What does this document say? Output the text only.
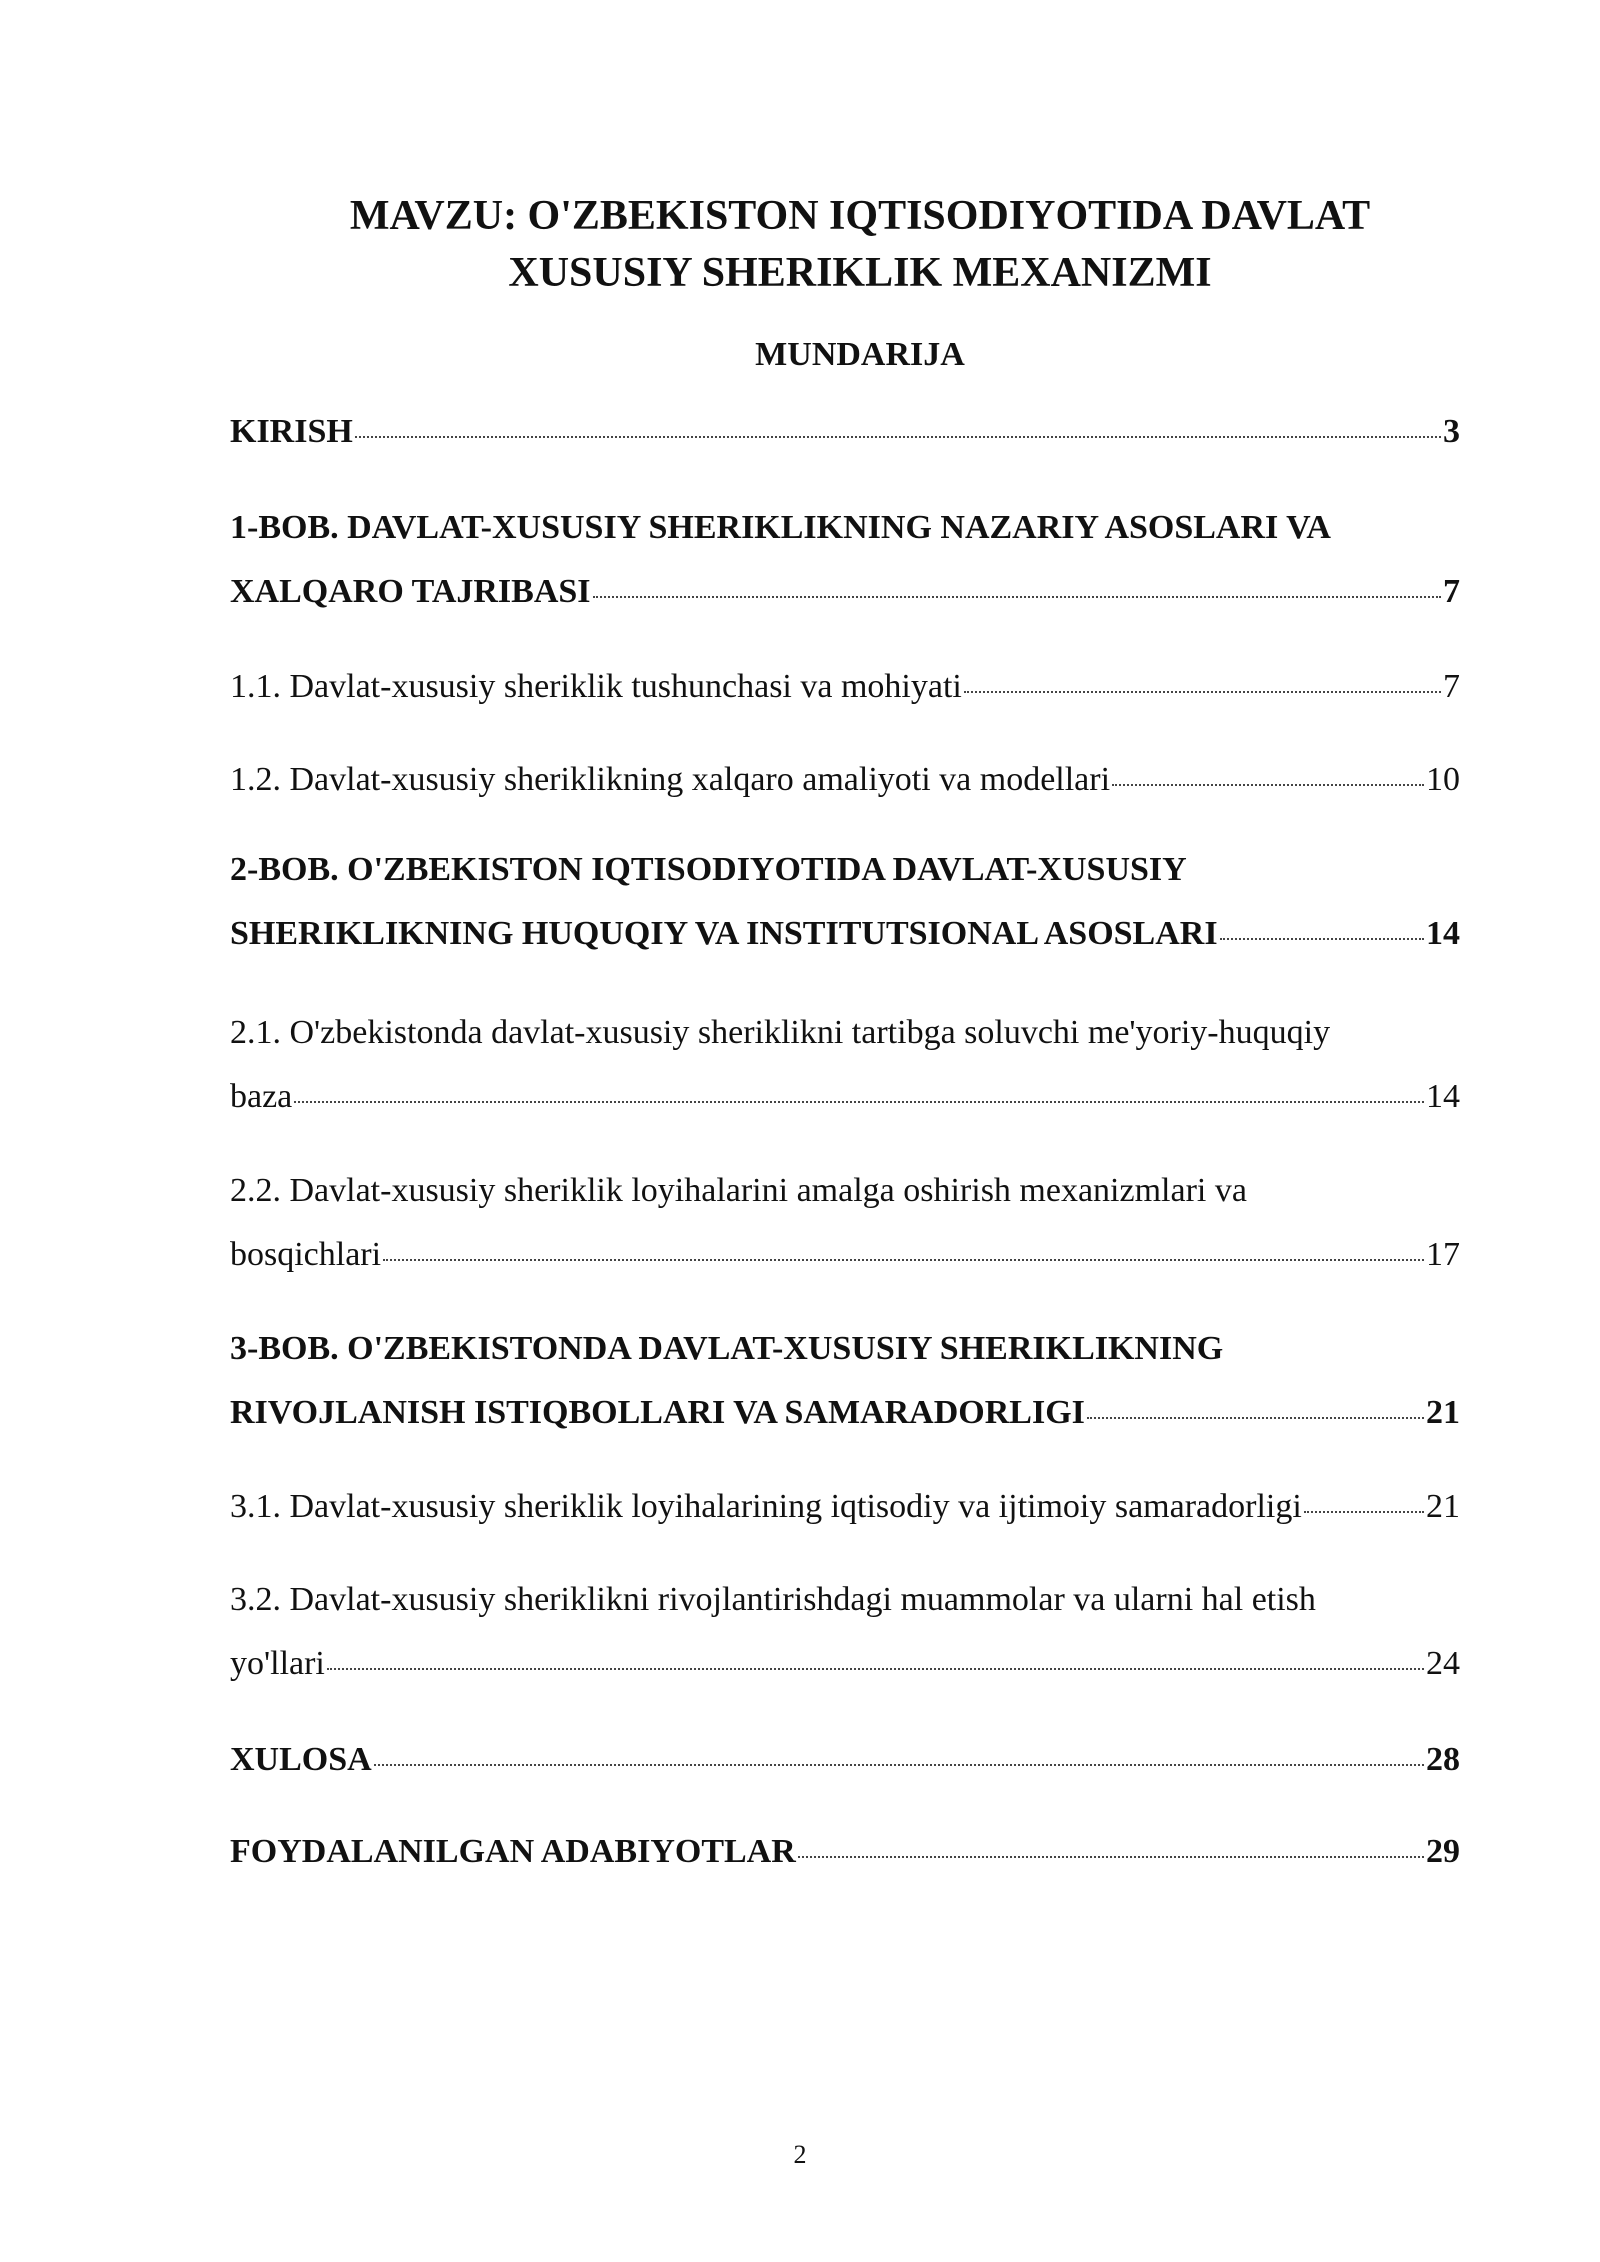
MAVZU: O'ZBEKISTON IQTISODIYOTIDA DAVLAT
XUSUSIY SHERIKLIK MEXANIZMI
MUNDARIJA
KIRISH	3
1-BOB. DAVLAT-XUSUSIY SHERIKLIKNING NAZARIY ASOSLARI VA
XALQARO TAJRIBASI	7
1.1. Davlat-xususiy sheriklik tushunchasi va mohiyati	7
1.2. Davlat-xususiy sheriklikning xalqaro amaliyoti va modellari	10
2-BOB. O'ZBEKISTON IQTISODIYOTIDA DAVLAT-XUSUSIY
SHERIKLIKNING HUQUQIY VA INSTITUTSIONAL ASOSLARI	14
2.1. O'zbekistonda davlat-xususiy sheriklikni tartibga soluvchi me'yoriy-huquqiy
baza	14
2.2. Davlat-xususiy sheriklik loyihalarini amalga oshirish mexanizmlari va
bosqichlari	17
3-BOB. O'ZBEKISTONDA DAVLAT-XUSUSIY SHERIKLIKNING
RIVOJLANISH ISTIQBOLLARI VA SAMARADORLIGI	21
3.1. Davlat-xususiy sheriklik loyihalarining iqtisodiy va ijtimoiy samaradorligi	21
3.2. Davlat-xususiy sheriklikni rivojlantirishdagi muammolar va ularni hal etish
yo'llari	24
XULOSA	28
FOYDALANILGAN ADABIYOTLAR	29
2
